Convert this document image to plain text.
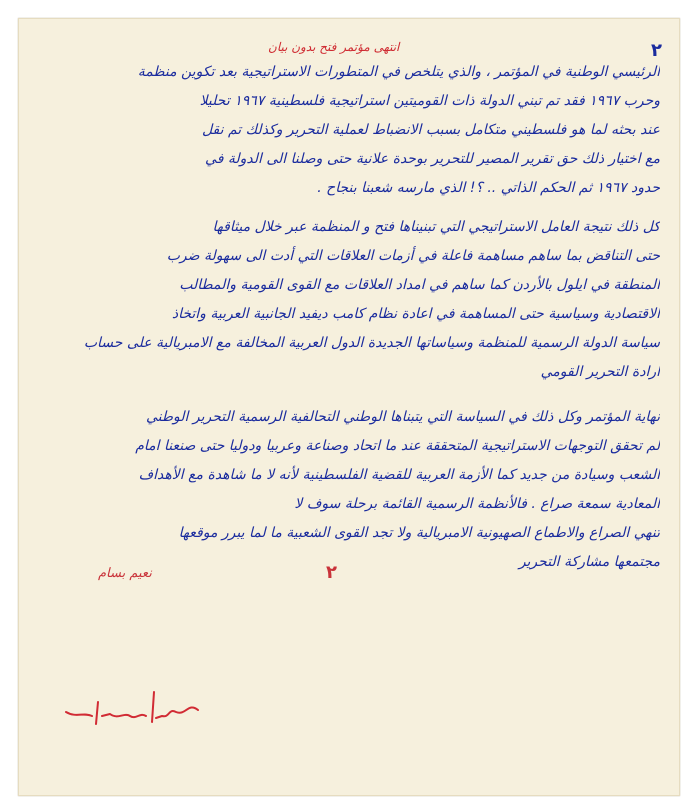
٢
انتهى مؤتمر فتح بدون بيان
الرئيسي الوطنية في المؤتمر ، والذي يتلخص في المتطورات الاستراتيجية بعد تكوين منظمة
وحرب ١٩٦٧ فقد تم تبني الدولة ذات القوميتين استراتيجية فلسطينية ١٩٦٧ تحليلا
عند بحثه لما هو فلسطيني متكامل بسبب الانضباط لعملية التحرير وكذلك تم نقل
مع اختيار ذلك حق تقرير المصير للتحرير بوحدة علانية حتى وصلنا الى الدولة في
حدود ١٩٦٧ ثم الحكم الذاتي .. ؟! الذي مارسه شعبنا بنجاح .
كل ذلك نتيجة العامل الاستراتيجي التي تبنيناها فتح و المنظمة عبر خلال ميثاقها
حتى التناقض بما ساهم مساهمة فاعلة في أزمات العلاقات التي أدت الى سهولة ضرب
المنطقة في ايلول بالأردن كما ساهم في امداد العلاقات مع القوى القومية والمطالب
الاقتصادية وسياسية حتى المساهمة في اعادة نظام كامب ديفيد الجانبية العربية واتخاذ
سياسة الدولة الرسمية للمنظمة وسياساتها الجديدة الدول العربية المخالفة مع الامبريالية على حساب
ارادة التحرير القومي
نهاية المؤتمر وكل ذلك في السياسة التي يتبناها الوطني التحالفية الرسمية التحرير الوطني
لم تحقق التوجهات الاستراتيجية المتحققة عند ما اتحاد وصناعة وعربيا ودوليا حتى صنعنا امام
الشعب وسيادة من جديد كما الأزمة العربية للقضية الفلسطينية لأنه لا ما شاهدة مع الأهداف
المعادية سمعة صراع . فالأنظمة الرسمية القائمة برحلة سوف لا
تنهي الصراع والاطماع الصهيونية الامبريالية ولا تجد القوى الشعبية ما لما يبرر موقعها
مجتمعها مشاركة التحرير
نعيم بسام	٢
